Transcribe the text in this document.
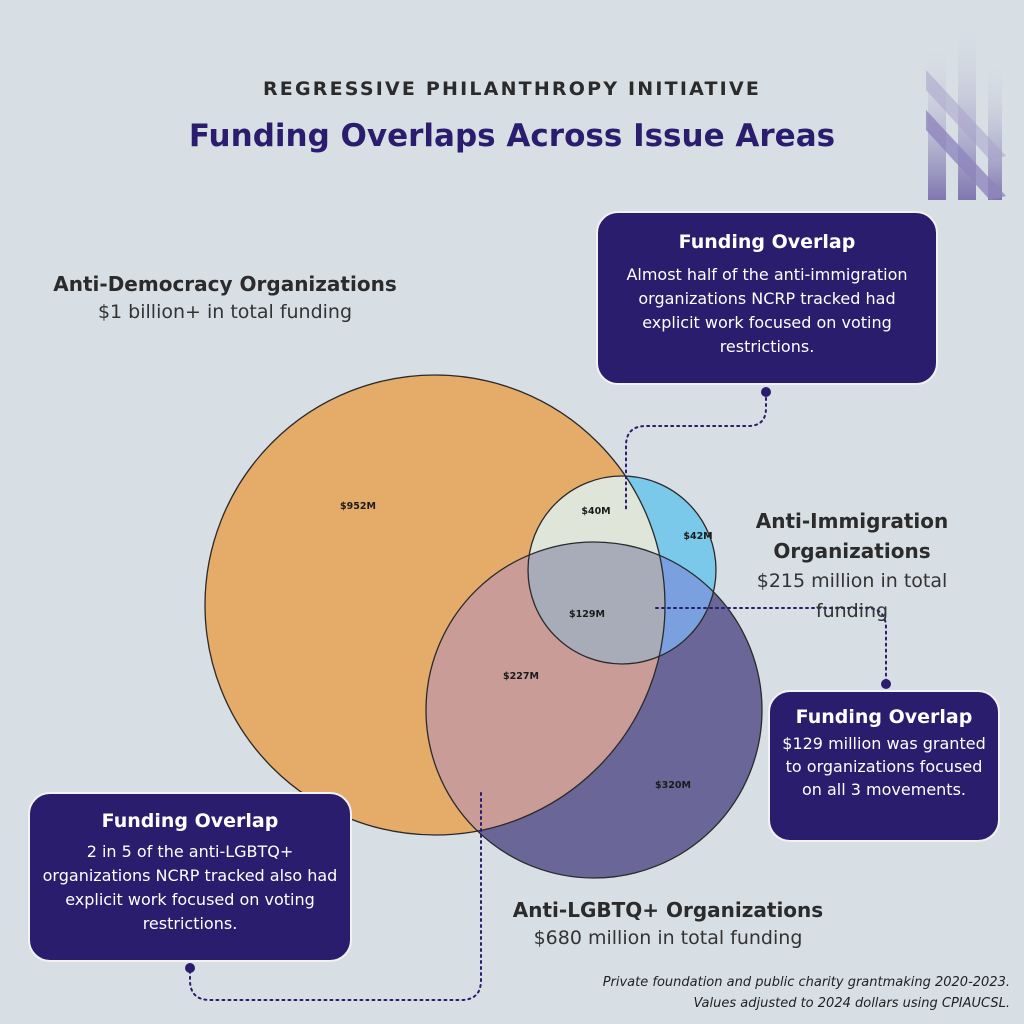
$952M	$40M
$42M
$129M
$227M
$320M
REGRESSIVE PHILANTHROPY INITIATIVE
Funding Overlaps Across Issue Areas
Anti-Democracy Organizations
$1 billion+ in total funding
Anti-Immigration
Organizations
$215 million in total funding
Anti-LGBTQ+ Organizations
$680 million in total funding
Funding Overlap
Almost half of the anti-immigration organizations NCRP tracked had explicit work focused on voting restrictions.
Funding Overlap
$129 million was granted to organizations focused on all 3 movements.
Funding Overlap
2 in 5 of the anti-LGBTQ+ organizations NCRP tracked also had explicit work focused on voting restrictions.
Private foundation and public charity grantmaking 2020-2023.
Values adjusted to 2024 dollars using CPIAUCSL.
